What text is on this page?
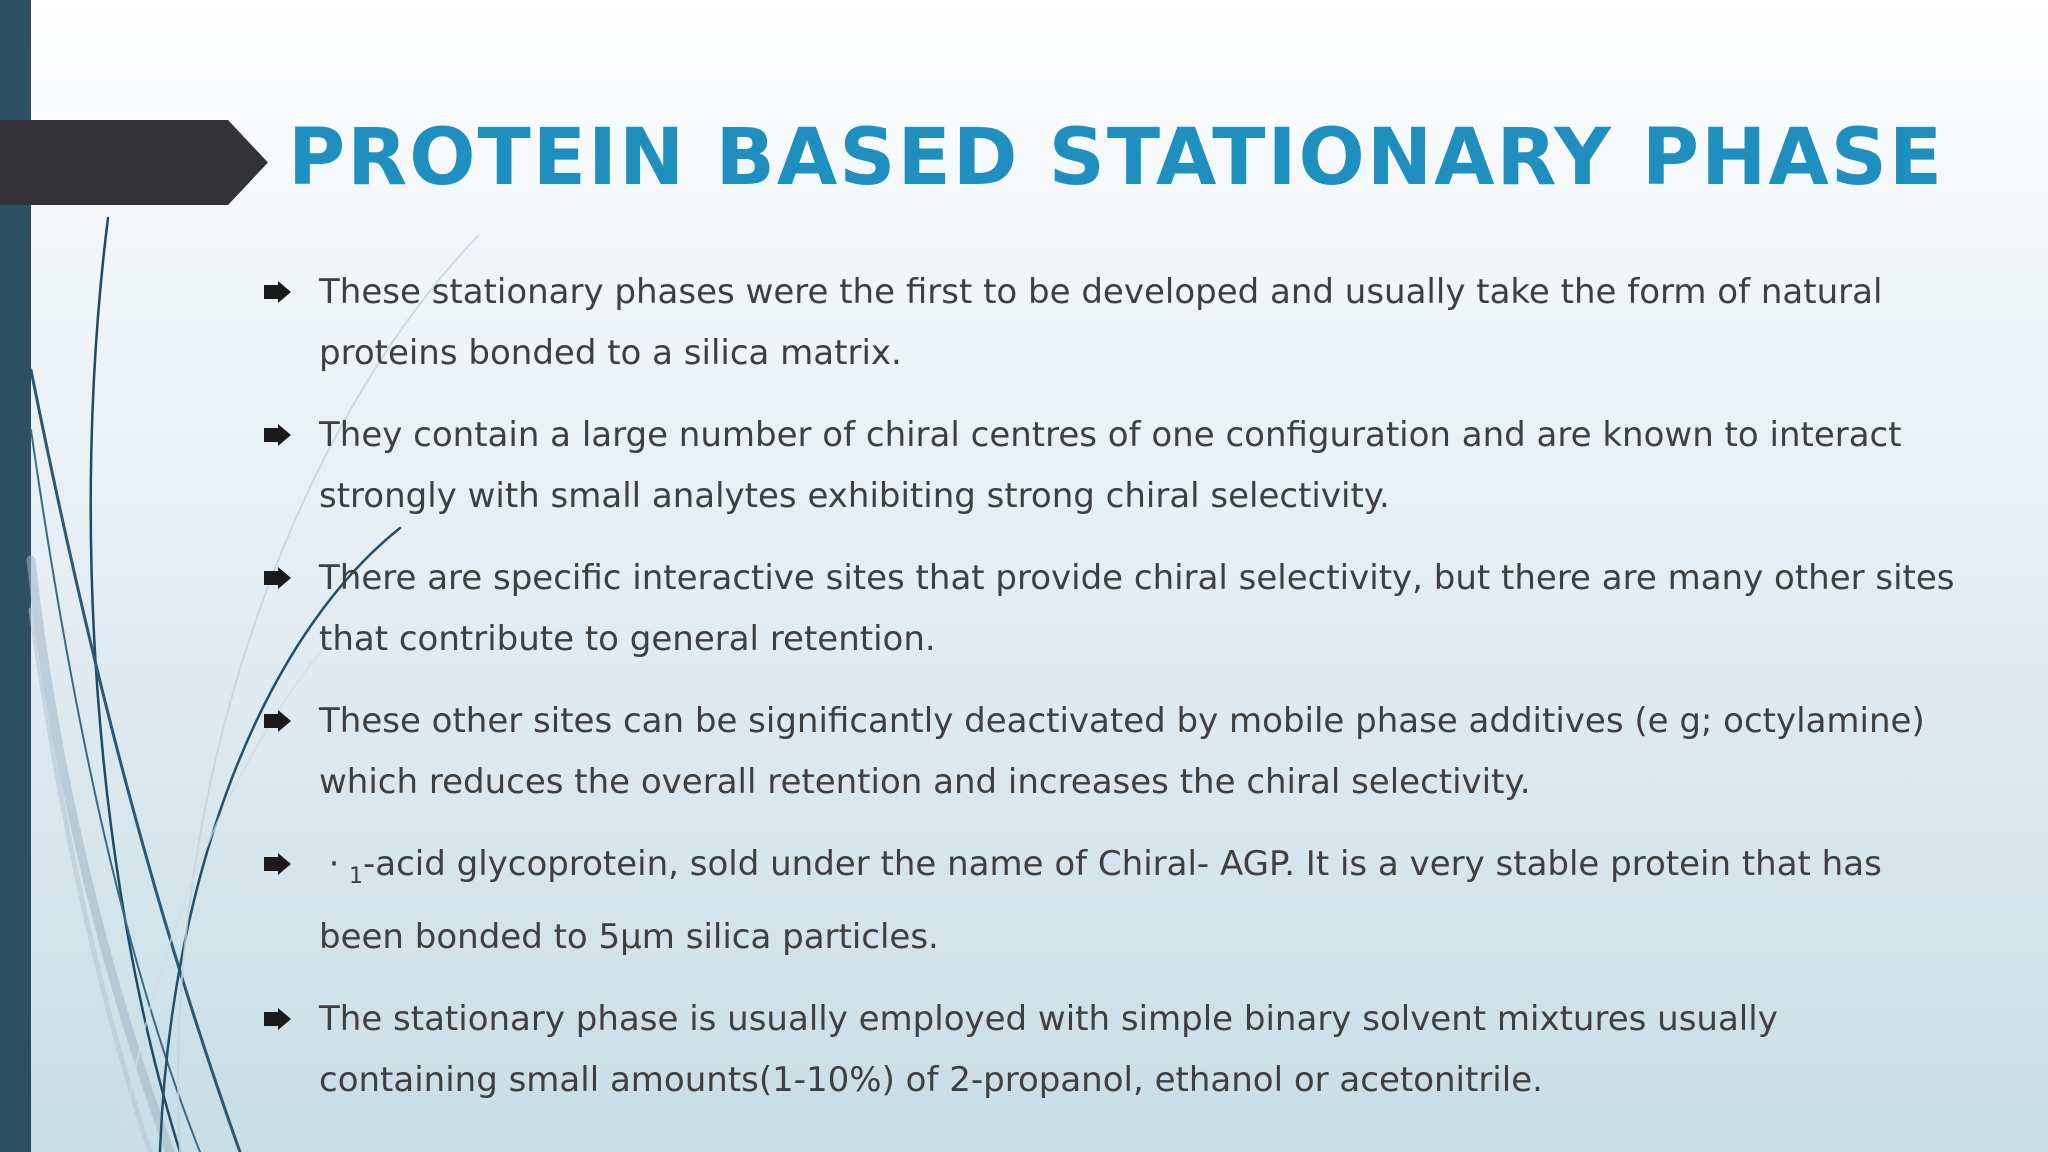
PROTEIN BASED STATIONARY PHASE
These stationary phases were the first to be developed and usually take the form of natural proteins bonded to a silica matrix.
They contain a large number of chiral centres of one configuration and are known to interact strongly with small analytes exhibiting strong chiral selectivity.
There are specific interactive sites that provide chiral selectivity, but there are many other sites that contribute to general retention.
These other sites can be significantly deactivated by mobile phase additives (e g; octylamine) which reduces the overall retention and increases the chiral selectivity.
· $_1$-acid glycoprotein, sold under the name of Chiral- AGP. It is a very stable protein that has been bonded to 5µm silica particles.
The stationary phase is usually employed with simple binary solvent mixtures usually containing small amounts(1-10%) of 2-propanol, ethanol or acetonitrile.
